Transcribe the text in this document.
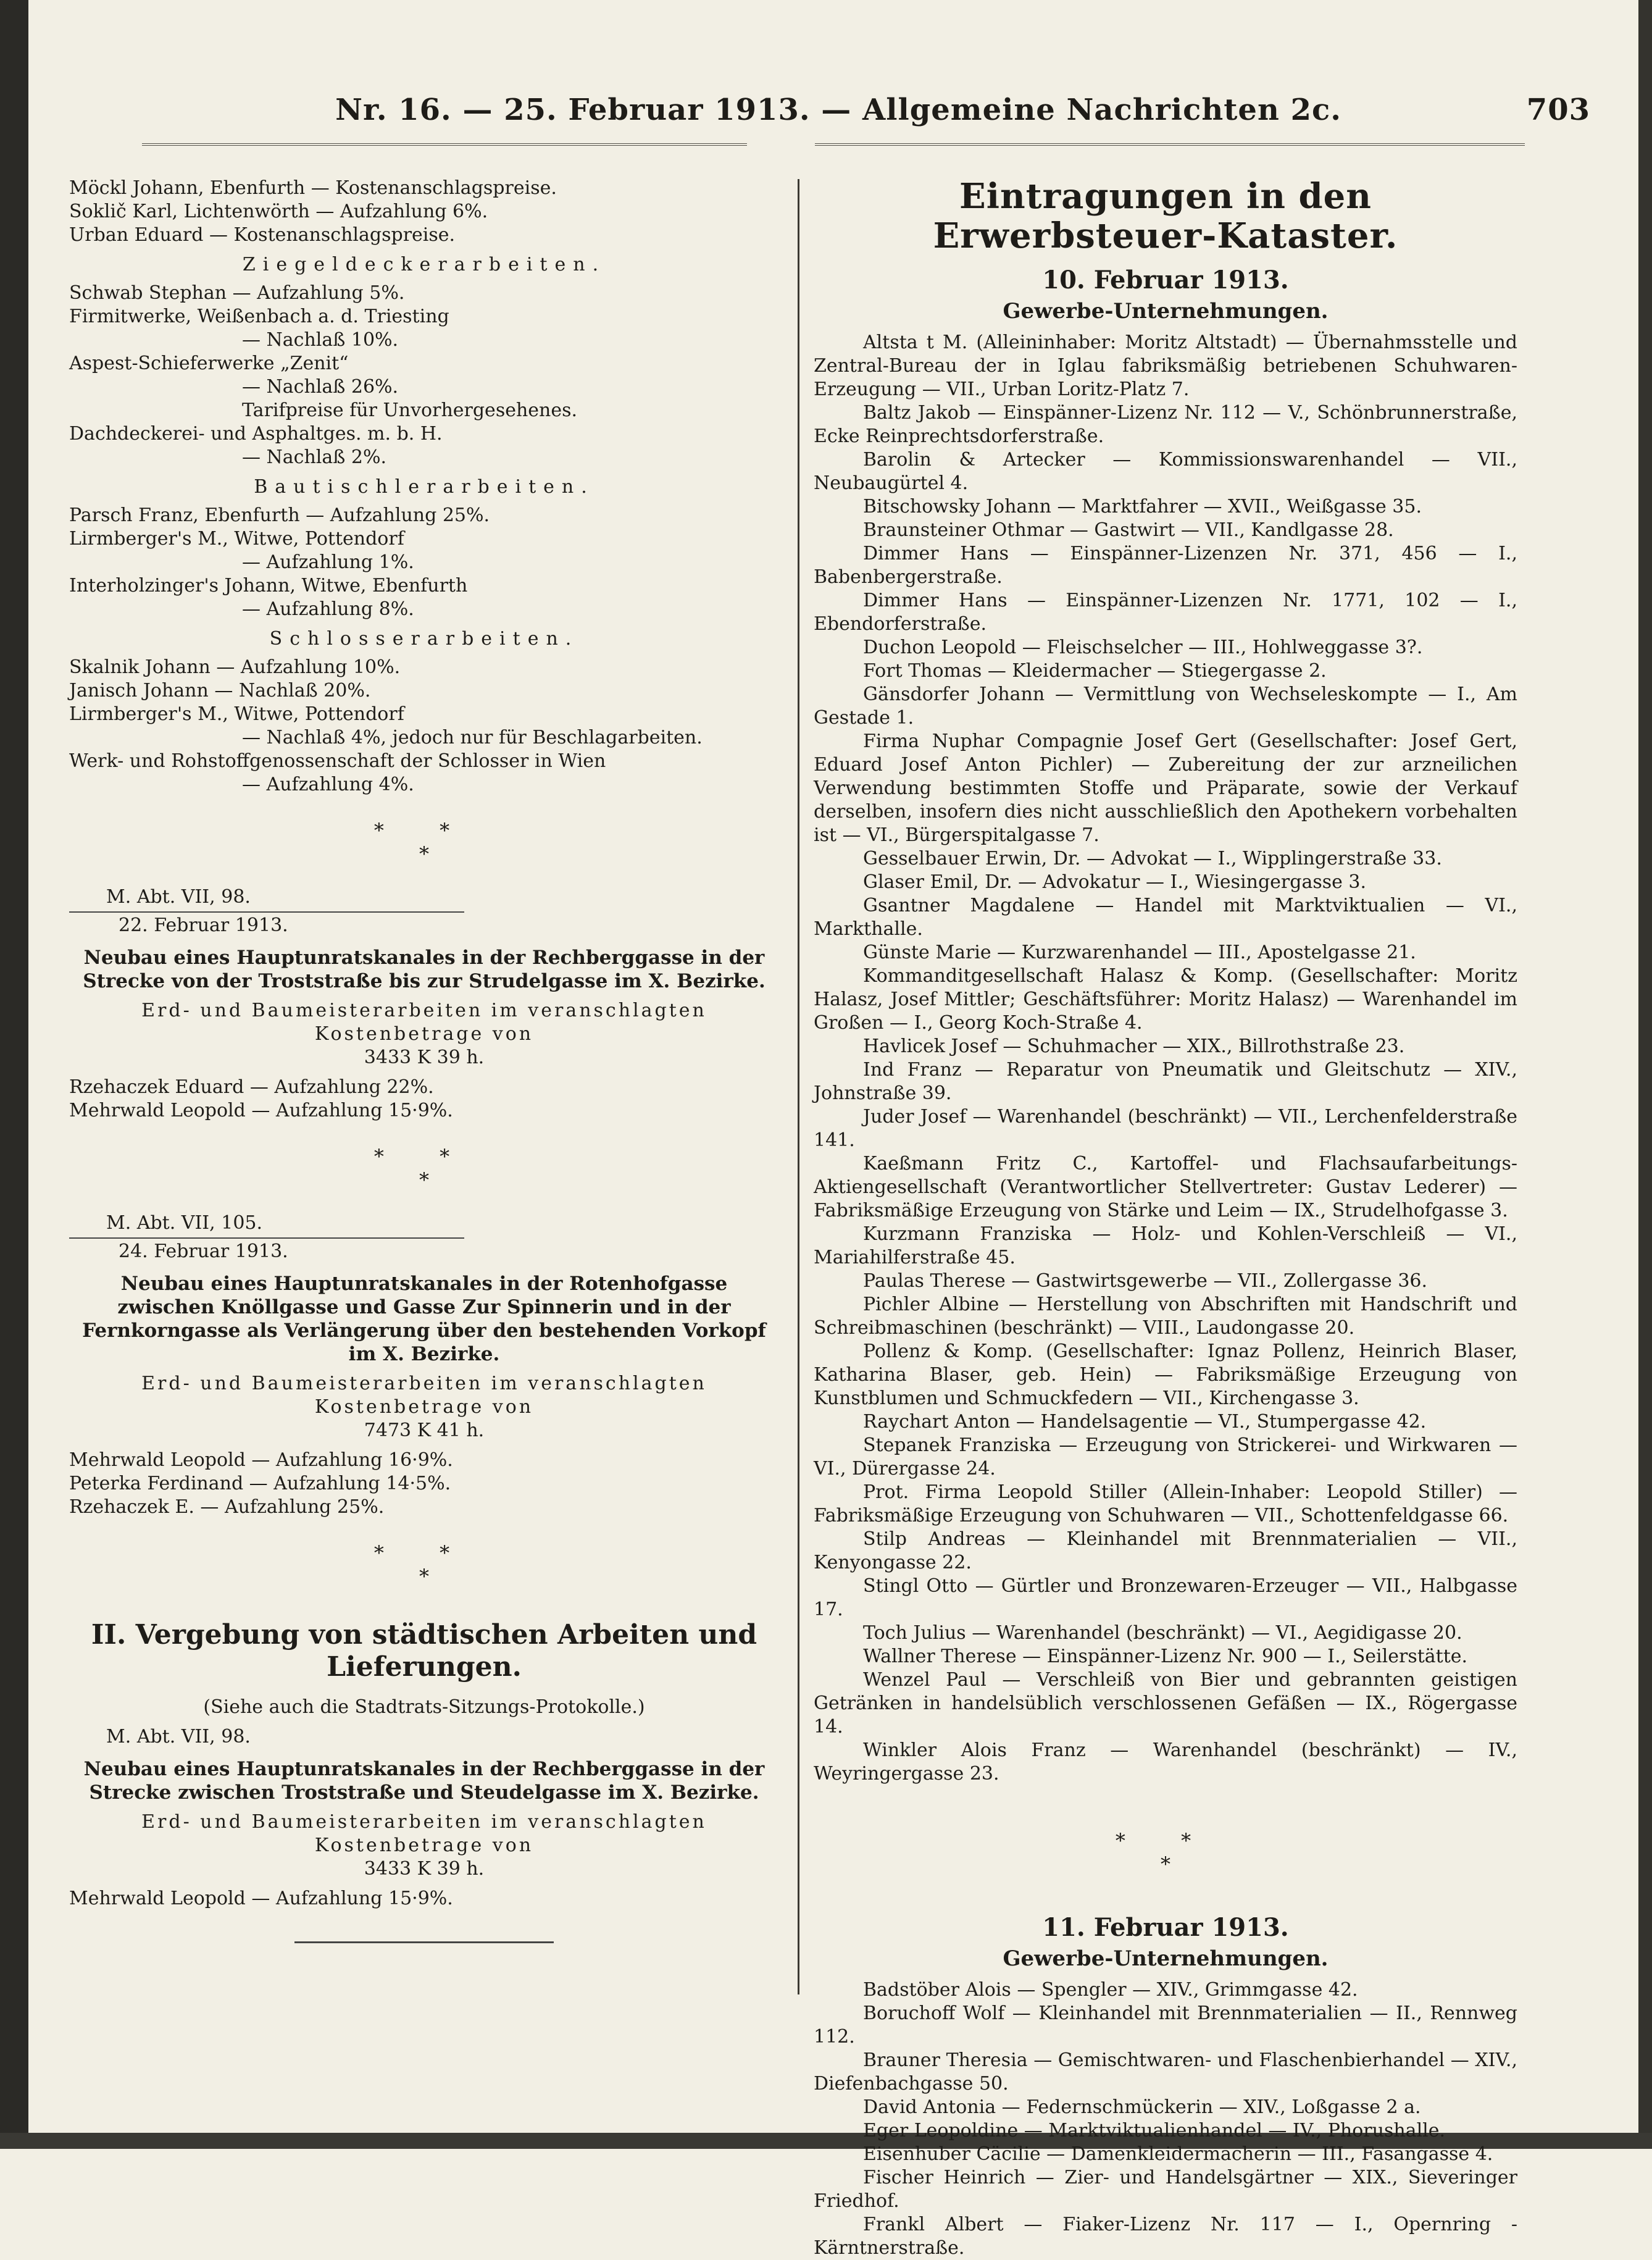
Nr. 16. — 25. Februar 1913. — Allgemeine Nachrichten 2c.	703

Möckl Johann, Ebenfurth — Kostenanschlagspreise.

Soklič Karl, Lichtenwörth — Aufzahlung 6%.

Urban Eduard — Kostenanschlagspreise.

Ziegeldeckerarbeiten.

Schwab Stephan — Aufzahlung 5%.

Firmitwerke, Weißenbach a. d. Triesting

— Nachlaß 10%.

Aspest-Schieferwerke „Zenit“

— Nachlaß 26%.

Tarifpreise für Unvorhergesehenes.

Dachdeckerei- und Asphaltges. m. b. H.

— Nachlaß 2%.

Bautischlerarbeiten.

Parsch Franz, Ebenfurth — Aufzahlung 25%.

Lirmberger's M., Witwe, Pottendorf

— Aufzahlung 1%.

Interholzinger's Johann, Witwe, Ebenfurth

— Aufzahlung 8%.

Schlosserarbeiten.

Skalnik Johann — Aufzahlung 10%.

Janisch Johann — Nachlaß 20%.

Lirmberger's M., Witwe, Pottendorf

— Nachlaß 4%, jedoch nur für Beschlagarbeiten.

Werk- und Rohstoffgenossenschaft der Schlosser in Wien

— Aufzahlung 4%.

* *
*

M. Abt. VII, 98.

22. Februar 1913.

Neubau eines Hauptunratskanales in der Rechberggasse in der Strecke von der Troststraße bis zur Strudelgasse im X. Bezirke.

Erd- und Baumeisterarbeiten im veranschlagten Kostenbetrage von

3433 K 39 h.

Rzehaczek Eduard — Aufzahlung 22%.

Mehrwald Leopold — Aufzahlung 15·9%.

* *
*

M. Abt. VII, 105.

24. Februar 1913.

Neubau eines Hauptunratskanales in der Rotenhofgasse zwischen Knöllgasse und Gasse Zur Spinnerin und in der Fernkorngasse als Verlängerung über den bestehenden Vorkopf im X. Bezirke.

Erd- und Baumeisterarbeiten im veranschlagten Kostenbetrage von

7473 K 41 h.

Mehrwald Leopold — Aufzahlung 16·9%.

Peterka Ferdinand — Aufzahlung 14·5%.

Rzehaczek E. — Aufzahlung 25%.

* *
*

II. Vergebung von städtischen Arbeiten und Lieferungen.

(Siehe auch die Stadtrats-Sitzungs-Protokolle.)

M. Abt. VII, 98.

Neubau eines Hauptunratskanales in der Rechberggasse in der Strecke zwischen Troststraße und Steudelgasse im X. Bezirke.

Erd- und Baumeisterarbeiten im veranschlagten Kostenbetrage von

3433 K 39 h.

Mehrwald Leopold — Aufzahlung 15·9%.

Eintragungen in den Erwerbsteuer-Kataster.

10. Februar 1913.

Gewerbe-Unternehmungen.

Altsta t M. (Alleininhaber: Moritz Altstadt) — Übernahmsstelle und Zentral-Bureau der in Iglau fabriksmäßig betriebenen Schuhwaren-Erzeugung — VII., Urban Loritz-Platz 7.

Baltz Jakob — Einspänner-Lizenz Nr. 112 — V., Schönbrunnerstraße, Ecke Reinprechtsdorferstraße.

Barolin & Artecker — Kommissionswarenhandel — VII., Neubaugürtel 4.

Bitschowsky Johann — Marktfahrer — XVII., Weißgasse 35.

Braunsteiner Othmar — Gastwirt — VII., Kandlgasse 28.

Dimmer Hans — Einspänner-Lizenzen Nr. 371, 456 — I., Babenbergerstraße.

Dimmer Hans — Einspänner-Lizenzen Nr. 1771, 102 — I., Ebendorferstraße.

Duchon Leopold — Fleischselcher — III., Hohlweggasse 3?.

Fort Thomas — Kleidermacher — Stiegergasse 2.

Gänsdorfer Johann — Vermittlung von Wechseleskompte — I., Am Gestade 1.

Firma Nuphar Compagnie Josef Gert (Gesellschafter: Josef Gert, Eduard Josef Anton Pichler) — Zubereitung der zur arzneilichen Verwendung bestimmten Stoffe und Präparate, sowie der Verkauf derselben, insofern dies nicht ausschließlich den Apothekern vorbehalten ist — VI., Bürgerspitalgasse 7.

Gesselbauer Erwin, Dr. — Advokat — I., Wipplingerstraße 33.

Glaser Emil, Dr. — Advokatur — I., Wiesingergasse 3.

Gsantner Magdalene — Handel mit Marktviktualien — VI., Markthalle.

Günste Marie — Kurzwarenhandel — III., Apostelgasse 21.

Kommanditgesellschaft Halasz & Komp. (Gesellschafter: Moritz Halasz, Josef Mittler; Geschäftsführer: Moritz Halasz) — Warenhandel im Großen — I., Georg Koch-Straße 4.

Havlicek Josef — Schuhmacher — XIX., Billrothstraße 23.

Ind Franz — Reparatur von Pneumatik und Gleitschutz — XIV., Johnstraße 39.

Juder Josef — Warenhandel (beschränkt) — VII., Lerchenfelderstraße 141.

Kaeßmann Fritz C., Kartoffel- und Flachsaufarbeitungs-Aktiengesellschaft (Verantwortlicher Stellvertreter: Gustav Lederer) — Fabriksmäßige Erzeugung von Stärke und Leim — IX., Strudelhofgasse 3.

Kurzmann Franziska — Holz- und Kohlen-Verschleiß — VI., Mariahilferstraße 45.

Paulas Therese — Gastwirtsgewerbe — VII., Zollergasse 36.

Pichler Albine — Herstellung von Abschriften mit Handschrift und Schreibmaschinen (beschränkt) — VIII., Laudongasse 20.

Pollenz & Komp. (Gesellschafter: Ignaz Pollenz, Heinrich Blaser, Katharina Blaser, geb. Hein) — Fabriksmäßige Erzeugung von Kunstblumen und Schmuckfedern — VII., Kirchengasse 3.

Raychart Anton — Handelsagentie — VI., Stumpergasse 42.

Stepanek Franziska — Erzeugung von Strickerei- und Wirkwaren — VI., Dürergasse 24.

Prot. Firma Leopold Stiller (Allein-Inhaber: Leopold Stiller) — Fabriksmäßige Erzeugung von Schuhwaren — VII., Schottenfeldgasse 66.

Stilp Andreas — Kleinhandel mit Brennmaterialien — VII., Kenyongasse 22.

Stingl Otto — Gürtler und Bronzewaren-Erzeuger — VII., Halbgasse 17.

Toch Julius — Warenhandel (beschränkt) — VI., Aegidigasse 20.

Wallner Therese — Einspänner-Lizenz Nr. 900 — I., Seilerstätte.

Wenzel Paul — Verschleiß von Bier und gebrannten geistigen Getränken in handelsüblich verschlossenen Gefäßen — IX., Rögergasse 14.

Winkler Alois Franz — Warenhandel (beschränkt) — IV., Weyringergasse 23.

* *
*

11. Februar 1913.

Gewerbe-Unternehmungen.

Badstöber Alois — Spengler — XIV., Grimmgasse 42.

Boruchoff Wolf — Kleinhandel mit Brennmaterialien — II., Rennweg 112.

Brauner Theresia — Gemischtwaren- und Flaschenbierhandel — XIV., Diefenbachgasse 50.

David Antonia — Federnschmückerin — XIV., Loßgasse 2 a.

Eger Leopoldine — Marktviktualienhandel — IV., Phorushalle.

Eisenhuber Cäcilie — Damenkleidermacherin — III., Fasangasse 4.

Fischer Heinrich — Zier- und Handelsgärtner — XIX., Sieveringer Friedhof.

Frankl Albert — Fiaker-Lizenz Nr. 117 — I., Opernring - Kärntnerstraße.
